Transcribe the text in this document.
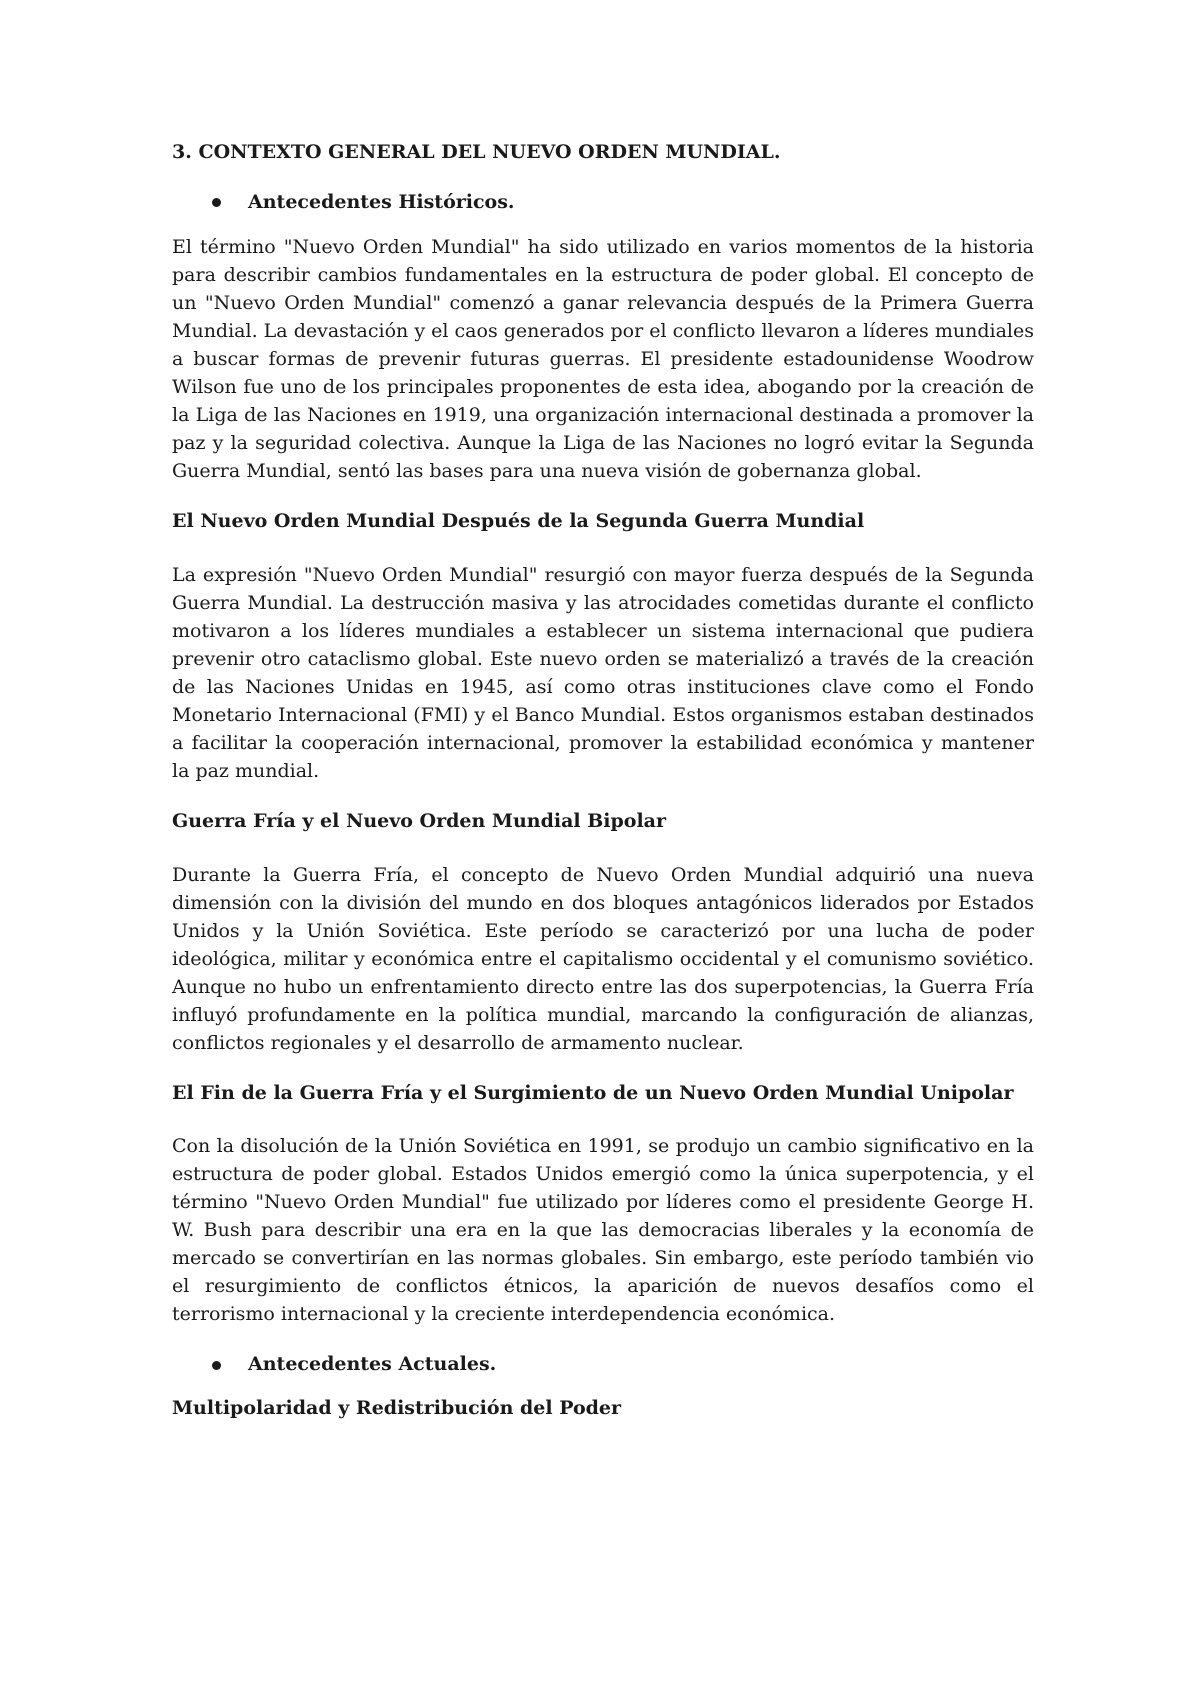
3. CONTEXTO GENERAL DEL NUEVO ORDEN MUNDIAL.
Antecedentes Históricos.

El término "Nuevo Orden Mundial" ha sido utilizado en varios momentos de la historia para describir cambios fundamentales en la estructura de poder global. El concepto de un "Nuevo Orden Mundial" comenzó a ganar relevancia después de la Primera Guerra Mundial. La devastación y el caos generados por el conflicto llevaron a líderes mundiales a buscar formas de prevenir futuras guerras. El presidente estadounidense Woodrow Wilson fue uno de los principales proponentes de esta idea, abogando por la creación de la Liga de las Naciones en 1919, una organización internacional destinada a promover la paz y la seguridad colectiva. Aunque la Liga de las Naciones no logró evitar la Segunda Guerra Mundial, sentó las bases para una nueva visión de gobernanza global.

El Nuevo Orden Mundial Después de la Segunda Guerra Mundial

La expresión "Nuevo Orden Mundial" resurgió con mayor fuerza después de la Segunda Guerra Mundial. La destrucción masiva y las atrocidades cometidas durante el conflicto motivaron a los líderes mundiales a establecer un sistema internacional que pudiera prevenir otro cataclismo global. Este nuevo orden se materializó a través de la creación de las Naciones Unidas en 1945, así como otras instituciones clave como el Fondo Monetario Internacional (FMI) y el Banco Mundial. Estos organismos estaban destinados a facilitar la cooperación internacional, promover la estabilidad económica y mantener la paz mundial.

Guerra Fría y el Nuevo Orden Mundial Bipolar

Durante la Guerra Fría, el concepto de Nuevo Orden Mundial adquirió una nueva dimensión con la división del mundo en dos bloques antagónicos liderados por Estados Unidos y la Unión Soviética. Este período se caracterizó por una lucha de poder ideológica, militar y económica entre el capitalismo occidental y el comunismo soviético. Aunque no hubo un enfrentamiento directo entre las dos superpotencias, la Guerra Fría influyó profundamente en la política mundial, marcando la configuración de alianzas, conflictos regionales y el desarrollo de armamento nuclear.

El Fin de la Guerra Fría y el Surgimiento de un Nuevo Orden Mundial Unipolar

Con la disolución de la Unión Soviética en 1991, se produjo un cambio significativo en la estructura de poder global. Estados Unidos emergió como la única superpotencia, y el término "Nuevo Orden Mundial" fue utilizado por líderes como el presidente George H. W. Bush para describir una era en la que las democracias liberales y la economía de mercado se convertirían en las normas globales. Sin embargo, este período también vio el resurgimiento de conflictos étnicos, la aparición de nuevos desafíos como el terrorismo internacional y la creciente interdependencia económica.

Antecedentes Actuales.
Multipolaridad y Redistribución del Poder
